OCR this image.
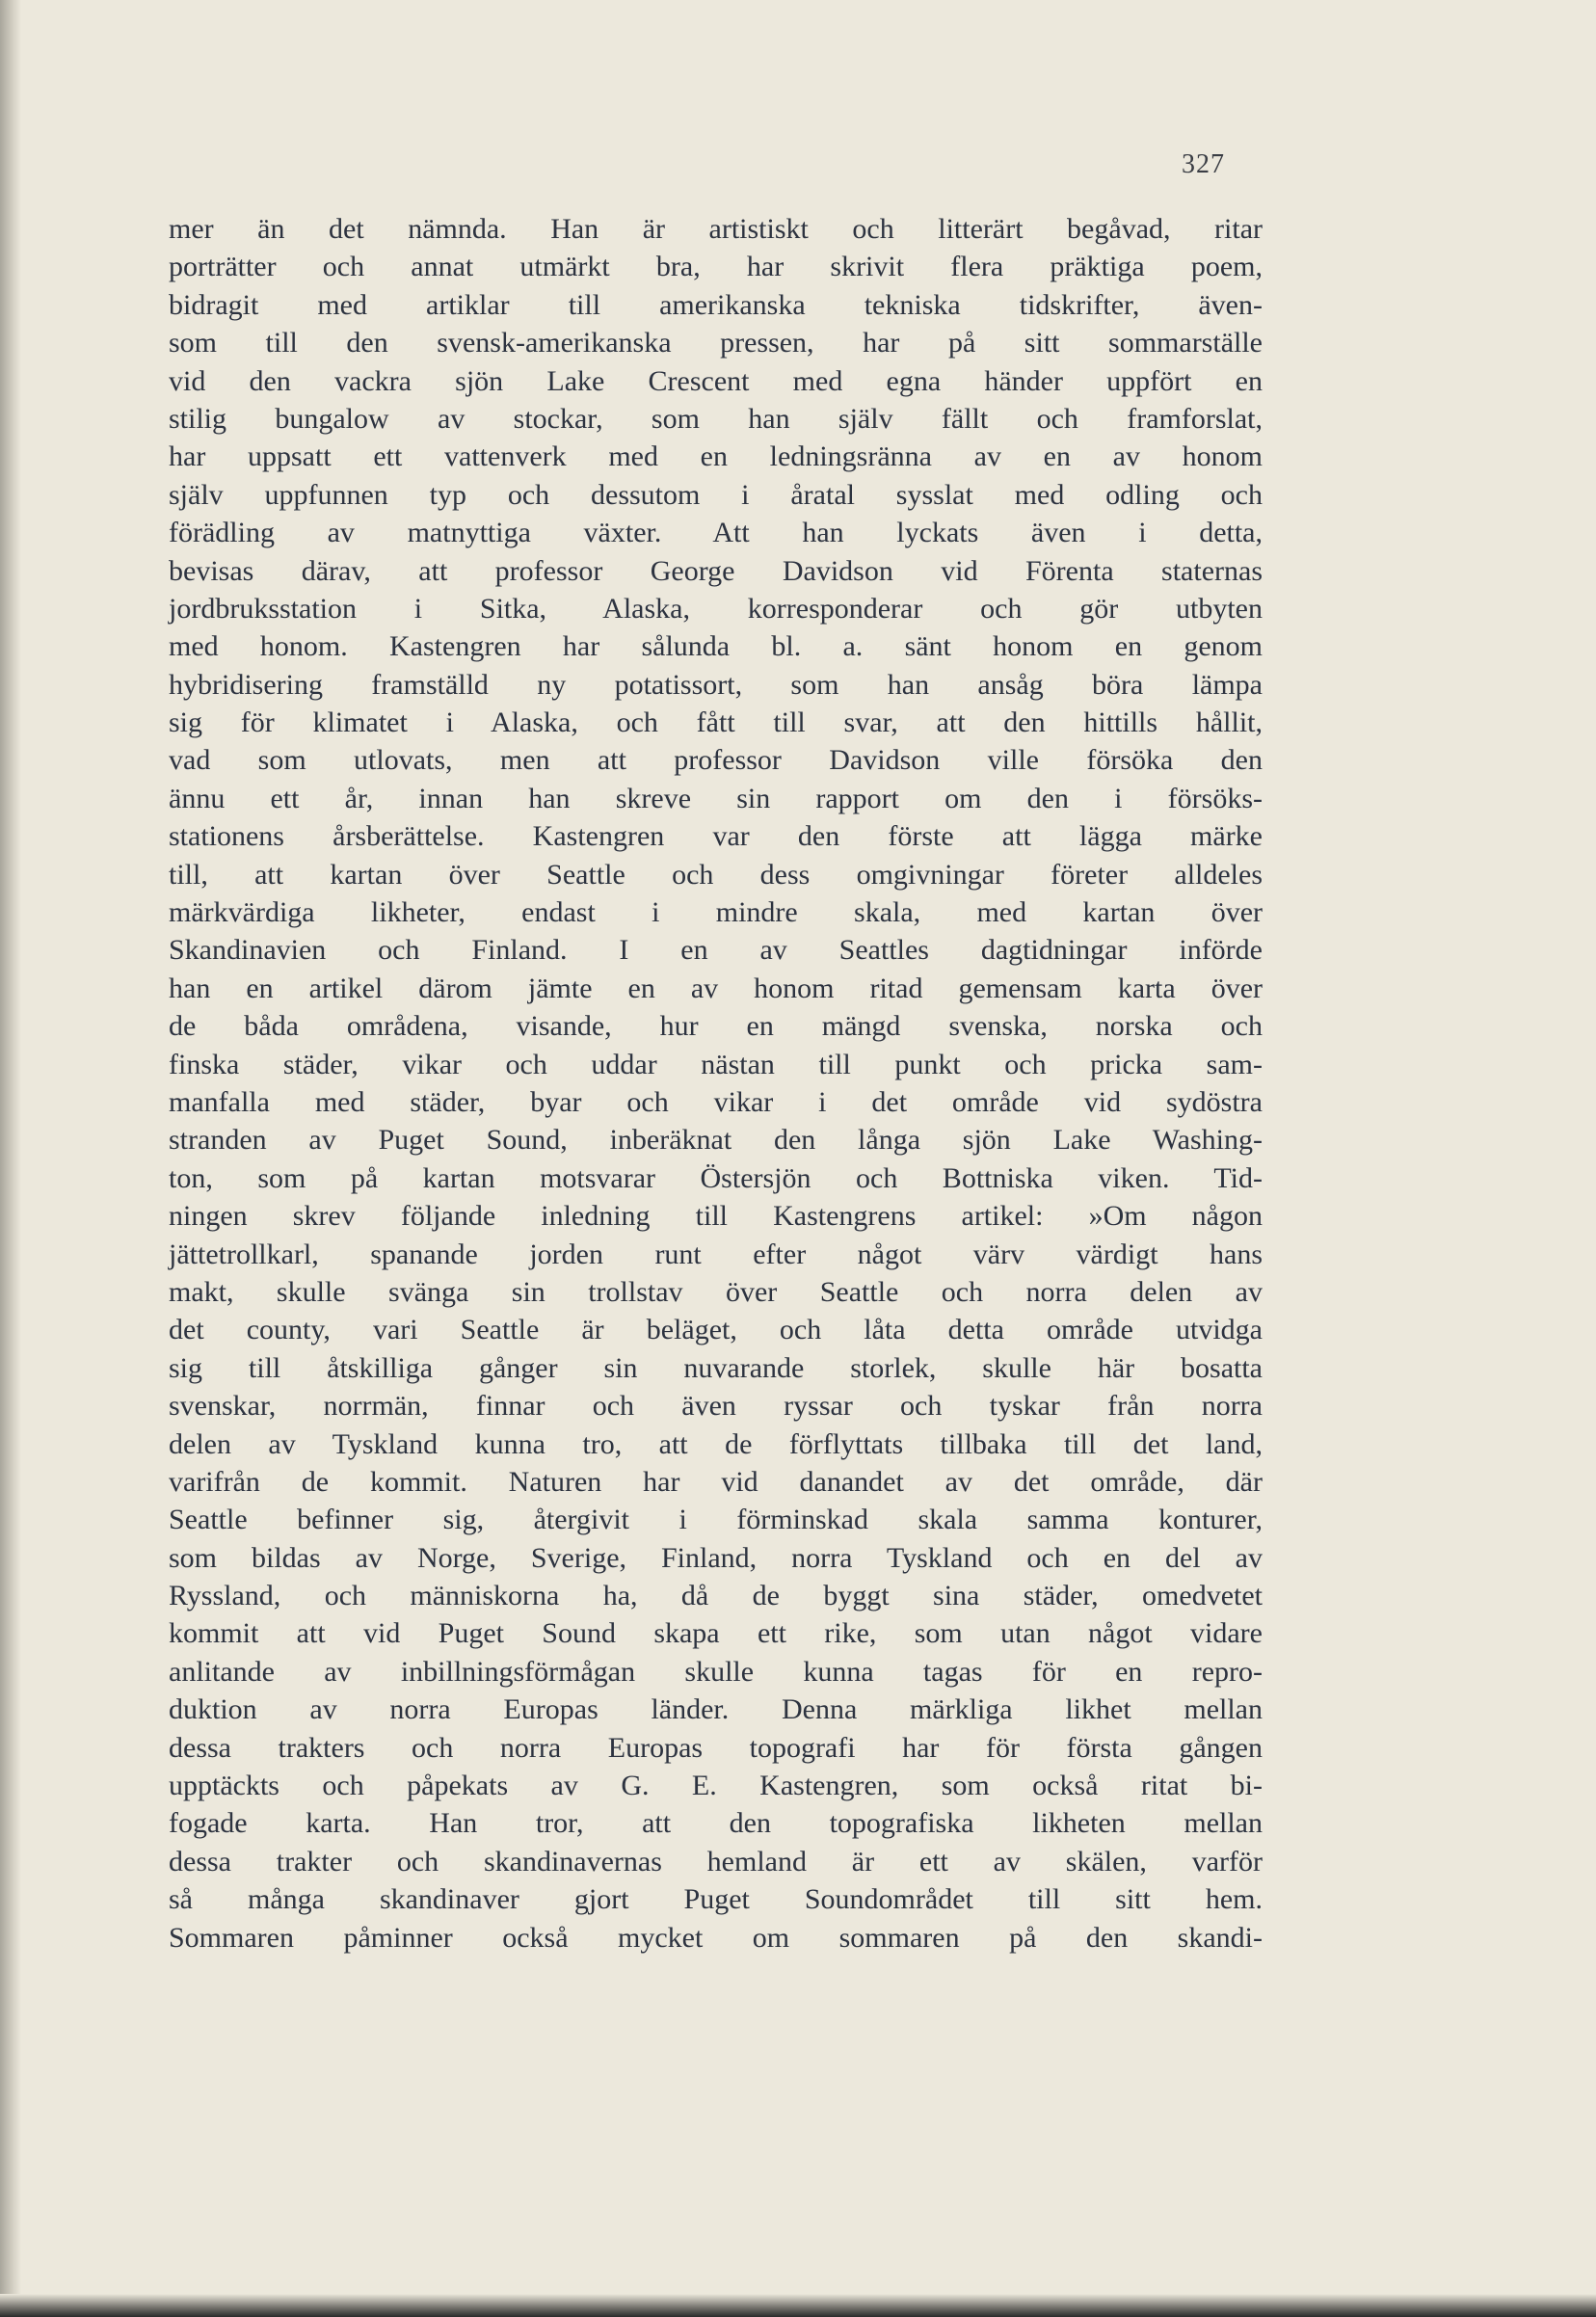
327
mer än det nämnda. Han är artistiskt och litterärt begåvad, ritar
porträtter och annat utmärkt bra, har skrivit flera präktiga poem,
bidragit med artiklar till amerikanska tekniska tidskrifter, även-
som till den svensk-amerikanska pressen, har på sitt sommarställe
vid den vackra sjön Lake Crescent med egna händer uppfört en
stilig bungalow av stockar, som han själv fällt och framforslat,
har uppsatt ett vattenverk med en ledningsränna av en av honom
själv uppfunnen typ och dessutom i åratal sysslat med odling och
förädling av matnyttiga växter. Att han lyckats även i detta,
bevisas därav, att professor George Davidson vid Förenta staternas
jordbruksstation i Sitka, Alaska, korresponderar och gör utbyten
med honom. Kastengren har sålunda bl. a. sänt honom en genom
hybridisering framställd ny potatissort, som han ansåg böra lämpa
sig för klimatet i Alaska, och fått till svar, att den hittills hållit,
vad som utlovats, men att professor Davidson ville försöka den
ännu ett år, innan han skreve sin rapport om den i försöks-
stationens årsberättelse. Kastengren var den förste att lägga märke
till, att kartan över Seattle och dess omgivningar företer alldeles
märkvärdiga likheter, endast i mindre skala, med kartan över
Skandinavien och Finland. I en av Seattles dagtidningar införde
han en artikel därom jämte en av honom ritad gemensam karta över
de båda områdena, visande, hur en mängd svenska, norska och
finska städer, vikar och uddar nästan till punkt och pricka sam-
manfalla med städer, byar och vikar i det område vid sydöstra
stranden av Puget Sound, inberäknat den långa sjön Lake Washing-
ton, som på kartan motsvarar Östersjön och Bottniska viken. Tid-
ningen skrev följande inledning till Kastengrens artikel: »Om någon
jättetrollkarl, spanande jorden runt efter något värv värdigt hans
makt, skulle svänga sin trollstav över Seattle och norra delen av
det county, vari Seattle är beläget, och låta detta område utvidga
sig till åtskilliga gånger sin nuvarande storlek, skulle här bosatta
svenskar, norrmän, finnar och även ryssar och tyskar från norra
delen av Tyskland kunna tro, att de förflyttats tillbaka till det land,
varifrån de kommit. Naturen har vid danandet av det område, där
Seattle befinner sig, återgivit i förminskad skala samma konturer,
som bildas av Norge, Sverige, Finland, norra Tyskland och en del av
Ryssland, och människorna ha, då de byggt sina städer, omedvetet
kommit att vid Puget Sound skapa ett rike, som utan något vidare
anlitande av inbillningsförmågan skulle kunna tagas för en repro-
duktion av norra Europas länder. Denna märkliga likhet mellan
dessa trakters och norra Europas topografi har för första gången
upptäckts och påpekats av G. E. Kastengren, som också ritat bi-
fogade karta. Han tror, att den topografiska likheten mellan
dessa trakter och skandinavernas hemland är ett av skälen, varför
så många skandinaver gjort Puget Soundområdet till sitt hem.
Sommaren påminner också mycket om sommaren på den skandi-
